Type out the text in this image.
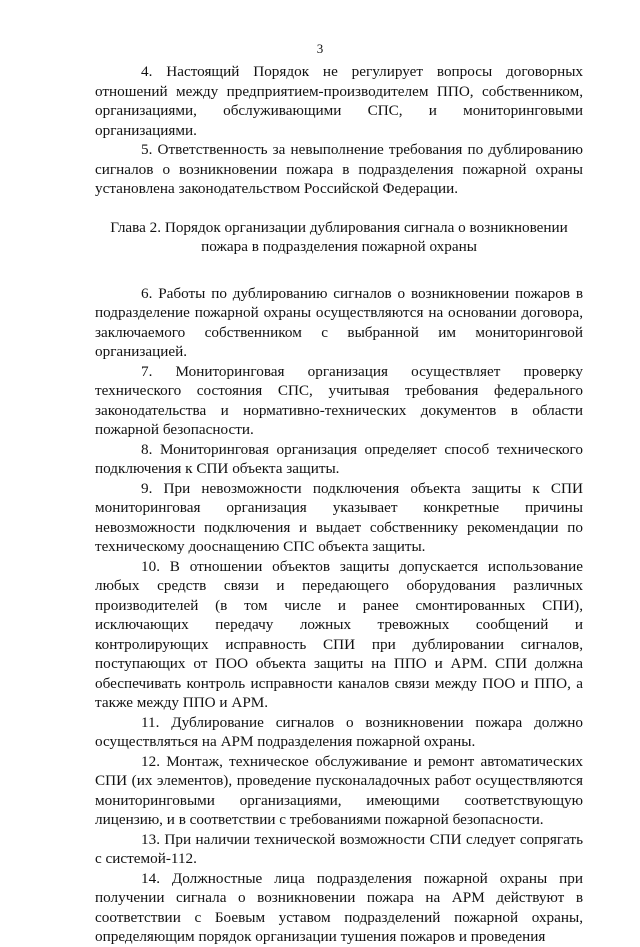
3

4. Настоящий Порядок не регулирует вопросы договорных отношений между предприятием-производителем ППО, собственником, организациями, обслуживающими СПС, и мониторинговыми организациями.

5. Ответственность за невыполнение требования по дублированию сигналов о возникновении пожара в подразделения пожарной охраны установлена законодательством Российской Федерации.

Глава 2. Порядок организации дублирования сигнала о возникновении пожара в подразделения пожарной охраны

6. Работы по дублированию сигналов о возникновении пожаров в подразделение пожарной охраны осуществляются на основании договора, заключаемого собственником с выбранной им мониторинговой организацией.

7. Мониторинговая организация осуществляет проверку технического состояния СПС, учитывая требования федерального законодательства и нормативно-технических документов в области пожарной безопасности.

8. Мониторинговая организация определяет способ технического подключения к СПИ объекта защиты.

9. При невозможности подключения объекта защиты к СПИ мониторинговая организация указывает конкретные причины невозможности подключения и выдает собственнику рекомендации по техническому дооснащению СПС объекта защиты.

10. В отношении объектов защиты допускается использование любых средств связи и передающего оборудования различных производителей (в том числе и ранее смонтированных СПИ), исключающих передачу ложных тревожных сообщений и контролирующих исправность СПИ при дублировании сигналов, поступающих от ПОО объекта защиты на ППО и АРМ. СПИ должна обеспечивать контроль исправности каналов связи между ПОО и ППО, а также между ППО и АРМ.

11. Дублирование сигналов о возникновении пожара должно осуществляться на АРМ подразделения пожарной охраны.

12. Монтаж, техническое обслуживание и ремонт автоматических СПИ (их элементов), проведение пусконаладочных работ осуществляются мониторинговыми организациями, имеющими соответствующую лицензию, и в соответствии с требованиями пожарной безопасности.

13. При наличии технической возможности СПИ следует сопрягать с системой-112.

14. Должностные лица подразделения пожарной охраны при получении сигнала о возникновении пожара на АРМ действуют в соответствии с Боевым уставом подразделений пожарной охраны, определяющим порядок организации тушения пожаров и проведения
